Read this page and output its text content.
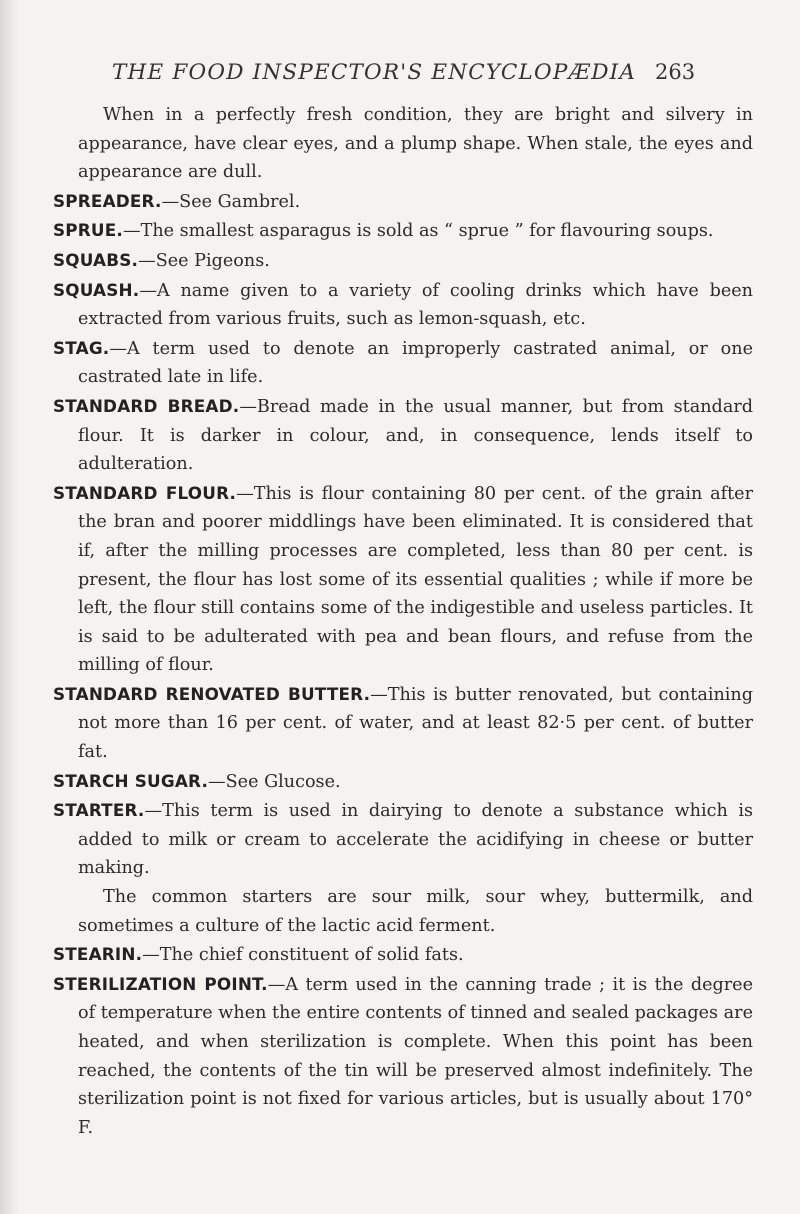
THE FOOD INSPECTOR'S ENCYCLOPÆDIA 263

When in a perfectly fresh condition, they are bright and silvery in appearance, have clear eyes, and a plump shape. When stale, the eyes and appearance are dull.

SPREADER.—See Gambrel.

SPRUE.—The smallest asparagus is sold as “ sprue ” for flavouring soups.

SQUABS.—See Pigeons.

SQUASH.—A name given to a variety of cooling drinks which have been extracted from various fruits, such as lemon-squash, etc.

STAG.—A term used to denote an improperly castrated animal, or one castrated late in life.

STANDARD BREAD.—Bread made in the usual manner, but from standard flour. It is darker in colour, and, in consequence, lends itself to adulteration.

STANDARD FLOUR.—This is flour containing 80 per cent. of the grain after the bran and poorer middlings have been eliminated. It is considered that if, after the milling processes are completed, less than 80 per cent. is present, the flour has lost some of its essential qualities ; while if more be left, the flour still contains some of the indigestible and useless particles. It is said to be adulterated with pea and bean flours, and refuse from the milling of flour.

STANDARD RENOVATED BUTTER.—This is butter renovated, but containing not more than 16 per cent. of water, and at least 82·5 per cent. of butter fat.

STARCH SUGAR.—See Glucose.

STARTER.—This term is used in dairying to denote a substance which is added to milk or cream to accelerate the acidifying in cheese or butter making.

The common starters are sour milk, sour whey, buttermilk, and sometimes a culture of the lactic acid ferment.

STEARIN.—The chief constituent of solid fats.

STERILIZATION POINT.—A term used in the canning trade ; it is the degree of temperature when the entire contents of tinned and sealed packages are heated, and when sterilization is complete. When this point has been reached, the contents of the tin will be preserved almost indefinitely. The sterilization point is not fixed for various articles, but is usually about 170° F.
